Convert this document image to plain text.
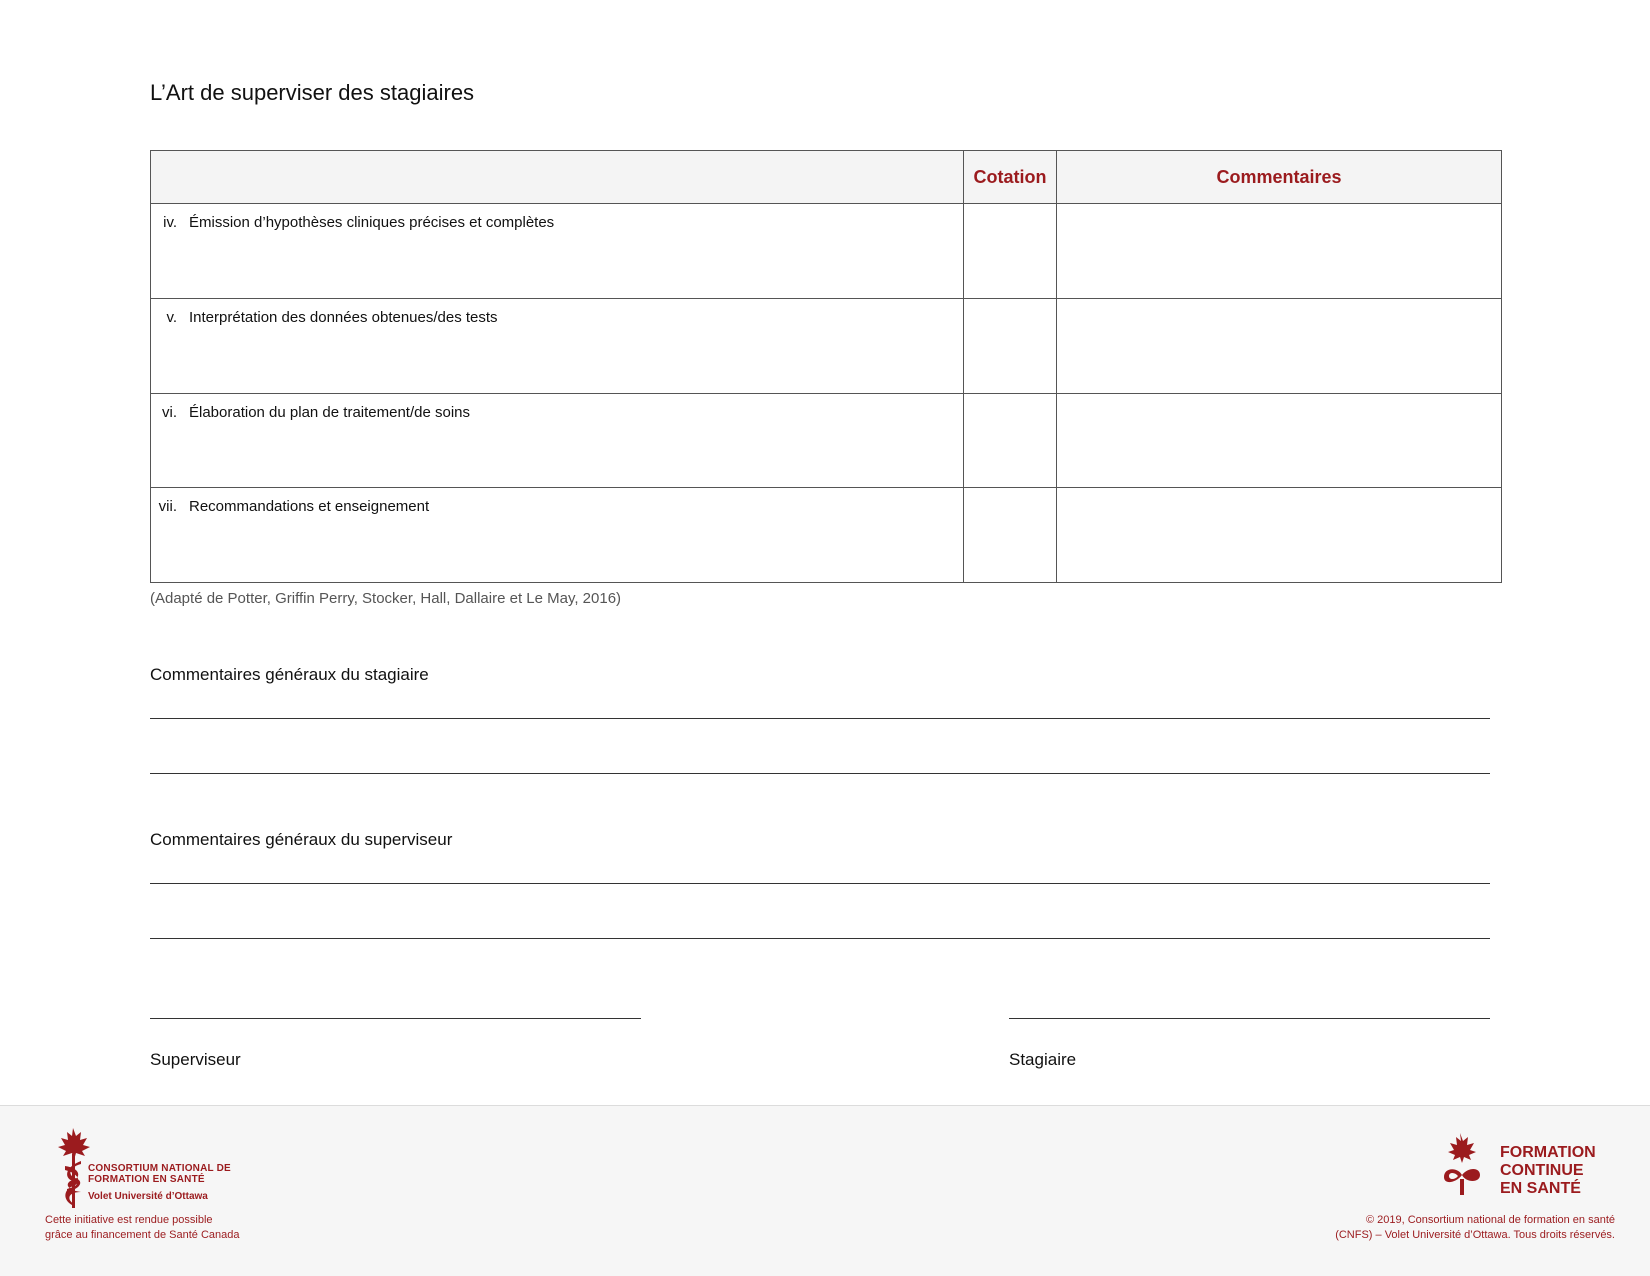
L’Art de superviser des stagiaires
	Cotation	Commentaires

iv. Émission d’hypothèses cliniques précises et complètes		

v. Interprétation des données obtenues/des tests		

vi. Élaboration du plan de traitement/de soins		

vii. Recommandations et enseignement		

(Adapté de Potter, Griffin Perry, Stocker, Hall, Dallaire et Le May, 2016)
Commentaires généraux du stagiaire
Commentaires généraux du superviseur
Superviseur	Stagiaire
CONSORTIUM NATIONAL DE FORMATION EN SANTÉ
Volet Université d’Ottawa
Cette initiative est rendue possible
grâce au financement de Santé Canada
FORMATION
CONTINUE
EN SANTÉ
© 2019, Consortium national de formation en santé
(CNFS) – Volet Université d’Ottawa. Tous droits réservés.
